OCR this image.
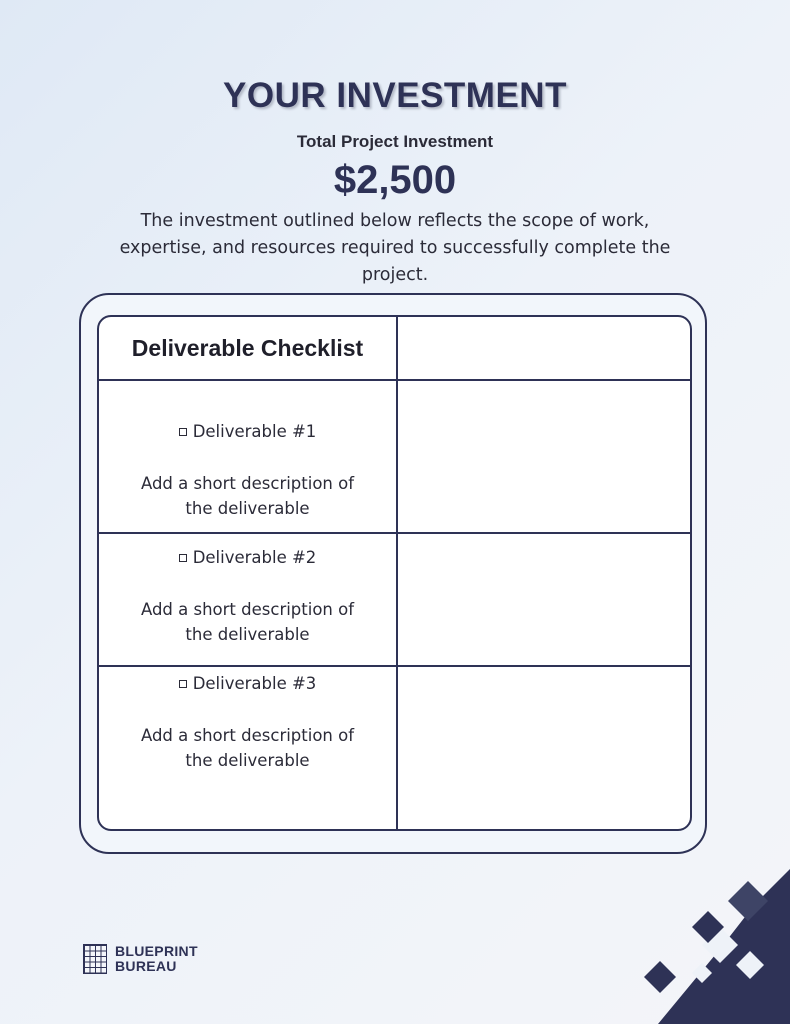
YOUR INVESTMENT
Total Project Investment
$2,500
The investment outlined below reflects the scope of work, expertise, and resources required to successfully complete the project.
Deliverable Checklist
Deliverable #1
Add a short description of the deliverable
Deliverable #2
Add a short description of the deliverable
Deliverable #3
Add a short description of the deliverable
BLUEPRINT
BUREAU
